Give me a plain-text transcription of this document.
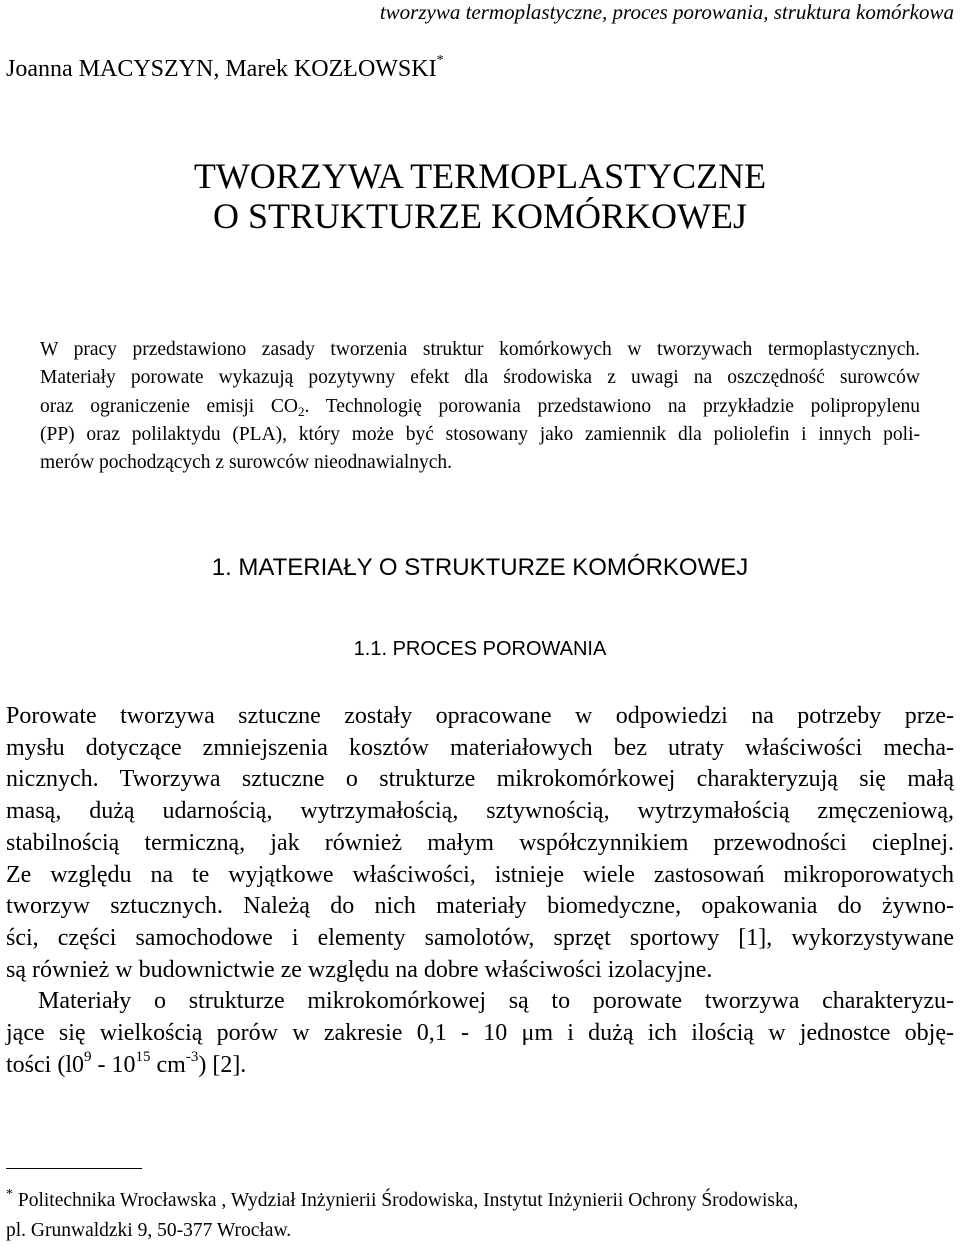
tworzywa termoplastyczne, proces porowania, struktura komórkowa
Joanna MACYSZYN, Marek KOZŁOWSKI*
TWORZYWA TERMOPLASTYCZNE
O STRUKTURZE KOMÓRKOWEJ
W pracy przedstawiono zasady tworzenia struktur komórkowych w tworzywach termoplastycznych.
Materiały porowate wykazują pozytywny efekt dla środowiska z uwagi na oszczędność surowców
oraz ograniczenie emisji $CO_2$. Technologię porowania przedstawiono na przykładzie polipropylenu
(PP) oraz polilaktydu (PLA), który może być stosowany jako zamiennik dla poliolefin i innych poli-
merów pochodzących z surowców nieodnawialnych.
1. MATERIAŁY O STRUKTURZE KOMÓRKOWEJ
1.1. PROCES POROWANIA
Porowate tworzywa sztuczne zostały opracowane w odpowiedzi na potrzeby prze-
mysłu dotyczące zmniejszenia kosztów materiałowych bez utraty właściwości mecha-
nicznych. Tworzywa sztuczne o strukturze mikrokomórkowej charakteryzują się małą
masą, dużą udarnością, wytrzymałością, sztywnością, wytrzymałością zmęczeniową,
stabilnością termiczną, jak również małym współczynnikiem przewodności cieplnej.
Ze względu na te wyjątkowe właściwości, istnieje wiele zastosowań mikroporowatych
tworzyw sztucznych. Należą do nich materiały biomedyczne, opakowania do żywno-
ści, części samochodowe i elementy samolotów, sprzęt sportowy [1], wykorzystywane
są również w budownictwie ze względu na dobre właściwości izolacyjne.
Materiały o strukturze mikrokomórkowej są to porowate tworzywa charakteryzu-
jące się wielkością porów w zakresie 0,1 - 10 μm i dużą ich ilością w jednostce obję-
tości ($l0^9 - 10^{15}$ $cm^{-3}$) [2].
* Politechnika Wrocławska , Wydział Inżynierii Środowiska, Instytut Inżynierii Ochrony Środowiska,
pl. Grunwaldzki 9, 50-377 Wrocław.
